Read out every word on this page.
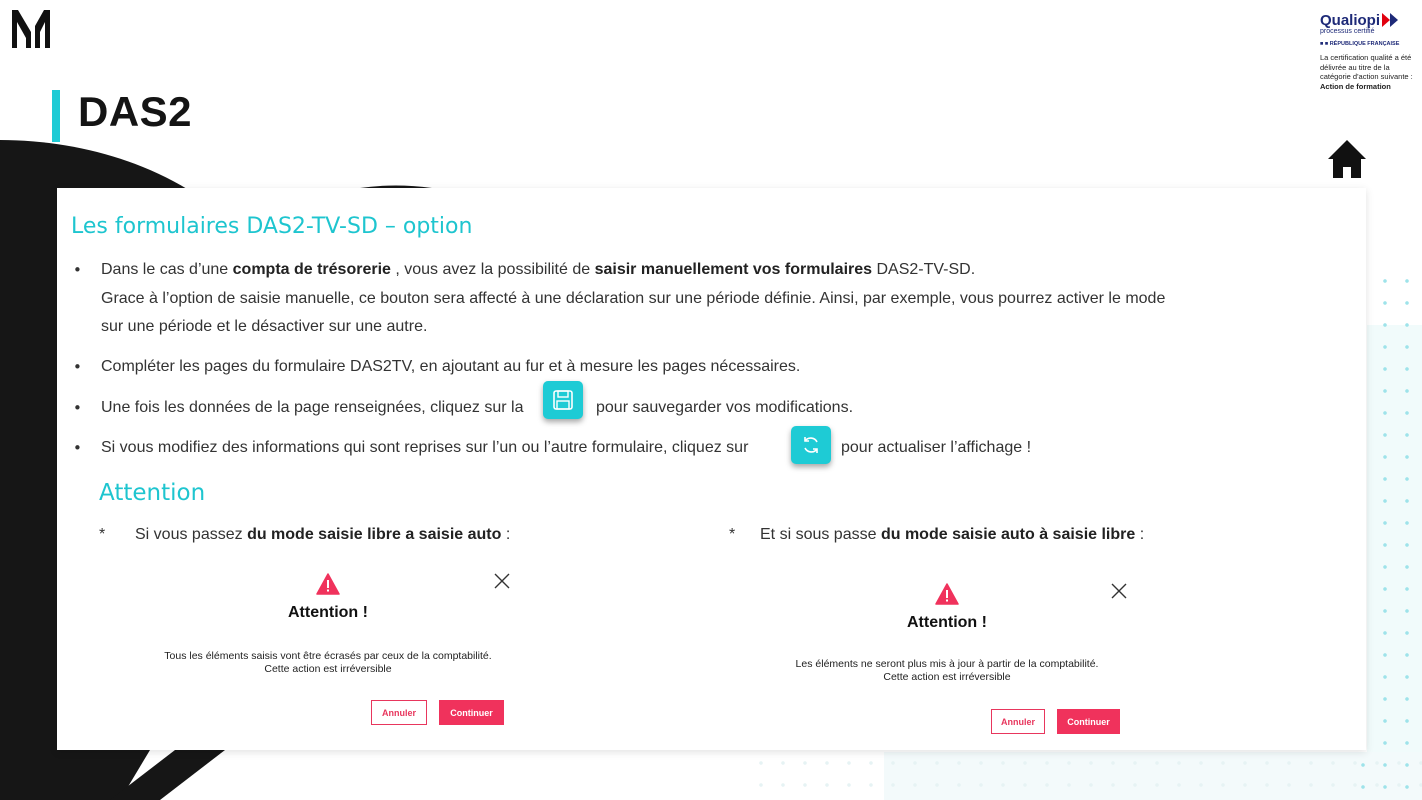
DAS2
Qualiopi
processus certifié
■ ■ RÉPUBLIQUE FRANÇAISE
La certification qualité a été délivrée au titre de la catégorie d'action suivante :
Action de formation
Les formulaires DAS2-TV-SD – option
• Dans le cas d’une compta de trésorerie , vous avez la possibilité de saisir manuellement vos formulaires DAS2-TV-SD.
Grace à l’option de saisie manuelle, ce bouton sera affecté à une déclaration sur une période définie. Ainsi, par exemple, vous pourrez activer le mode
sur une période et le désactiver sur une autre.
• Compléter les pages du formulaire DAS2TV, en ajoutant au fur et à mesure les pages nécessaires.
• Une fois les données de la page renseignées, cliquez sur la	pour sauvegarder vos modifications.
• Si vous modifiez des informations qui sont reprises sur l’un ou l’autre formulaire, cliquez sur	pour actualiser l’affichage !
Attention
* Si vous passez du mode saisie libre a saisie auto :	* Et si sous passe du mode saisie auto à saisie libre :
Attention !
Tous les éléments saisis vont être écrasés par ceux de la comptabilité.
Cette action est irréversible
Annuler	Continuer
Attention !
Les éléments ne seront plus mis à jour à partir de la comptabilité.
Cette action est irréversible
Annuler	Continuer
